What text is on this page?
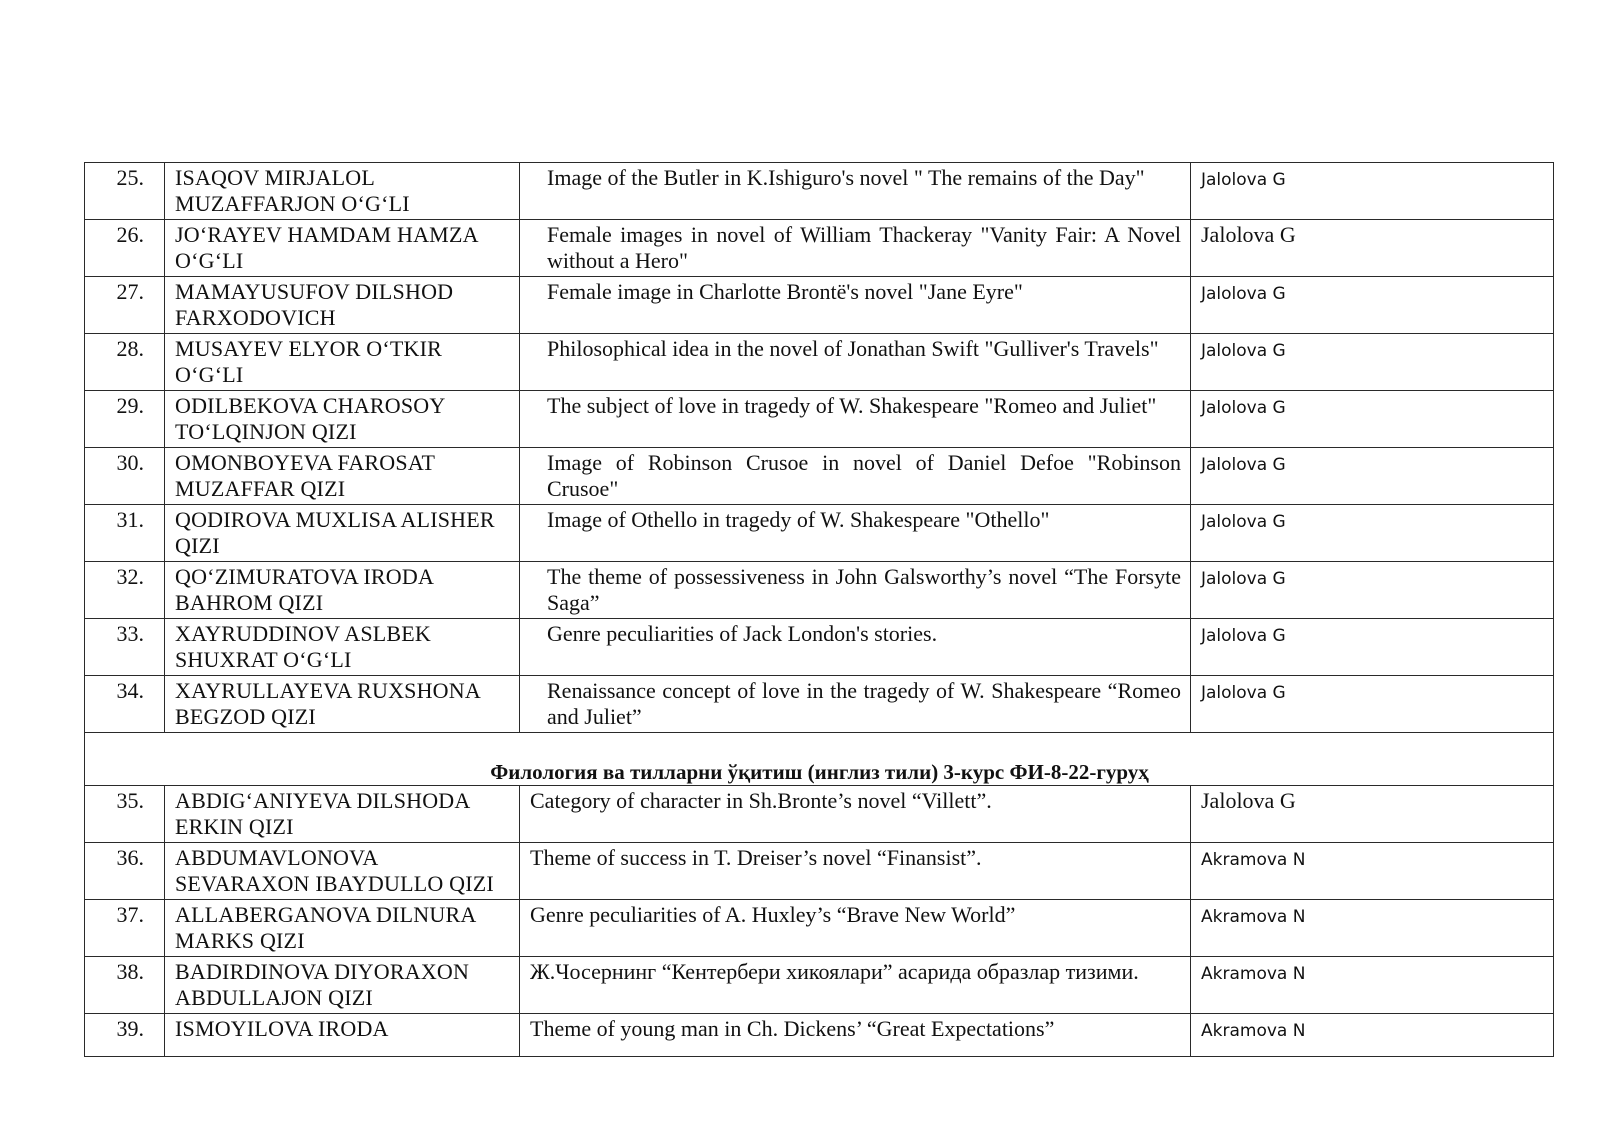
25.	ISAQOV MIRJALOL MUZAFFARJON O‘G‘LI	Image of the Butler in K.Ishiguro's novel " The remains of the Day"	Jalolova G
26.	JO‘RAYEV HAMDAM HAMZA O‘G‘LI	Female images in novel of William Thackeray "Vanity Fair: A Novel without a Hero"	Jalolova G
27.	MAMAYUSUFOV DILSHOD FARXODOVICH	Female image in Charlotte Brontë's novel "Jane Eyre"	Jalolova G
28.	MUSAYEV ELYOR O‘TKIR O‘G‘LI	Philosophical idea in the novel of Jonathan Swift "Gulliver's Travels"	Jalolova G
29.	ODILBEKOVA CHAROSOY TO‘LQINJON QIZI	The subject of love in tragedy of W. Shakespeare "Romeo and Juliet"	Jalolova G
30.	OMONBOYEVA FAROSAT MUZAFFAR QIZI	Image of Robinson Crusoe in novel of Daniel Defoe "Robinson Crusoe"	Jalolova G
31.	QODIROVA MUXLISA ALISHER QIZI	Image of Othello in tragedy of W. Shakespeare "Othello"	Jalolova G
32.	QO‘ZIMURATOVA IRODA BAHROM QIZI	The theme of possessiveness in John Galsworthy’s novel “The Forsyte Saga”	Jalolova G
33.	XAYRUDDINOV ASLBEK SHUXRAT O‘G‘LI	Genre peculiarities of Jack London's stories.	Jalolova G
34.	XAYRULLAYEVA RUXSHONA BEGZOD QIZI	Renaissance concept of love in the tragedy of W. Shakespeare “Romeo and Juliet”	Jalolova G
Филология ва тилларни ўқитиш (инглиз тили) 3-курс ФИ-8-22-гуруҳ			
35.	ABDIG‘ANIYEVA DILSHODA ERKIN QIZI	Category of character in Sh.Bronte’s novel “Villett”.	Jalolova G
36.	ABDUMAVLONOVA SEVARAXON IBAYDULLO QIZI	Theme of success in T. Dreiser’s novel “Finansist”.	Akramova N
37.	ALLABERGANOVA DILNURA MARKS QIZI	Genre peculiarities of A. Huxley’s “Brave New World”	Akramova N
38.	BADIRDINOVA DIYORAXON ABDULLAJON QIZI	Ж.Чосернинг “Кентербери хикоялари” асарида образлар тизими.	Akramova N
39.	ISMOYILOVA IRODA	Theme of young man in Ch. Dickens’ “Great Expectations”	Akramova N
